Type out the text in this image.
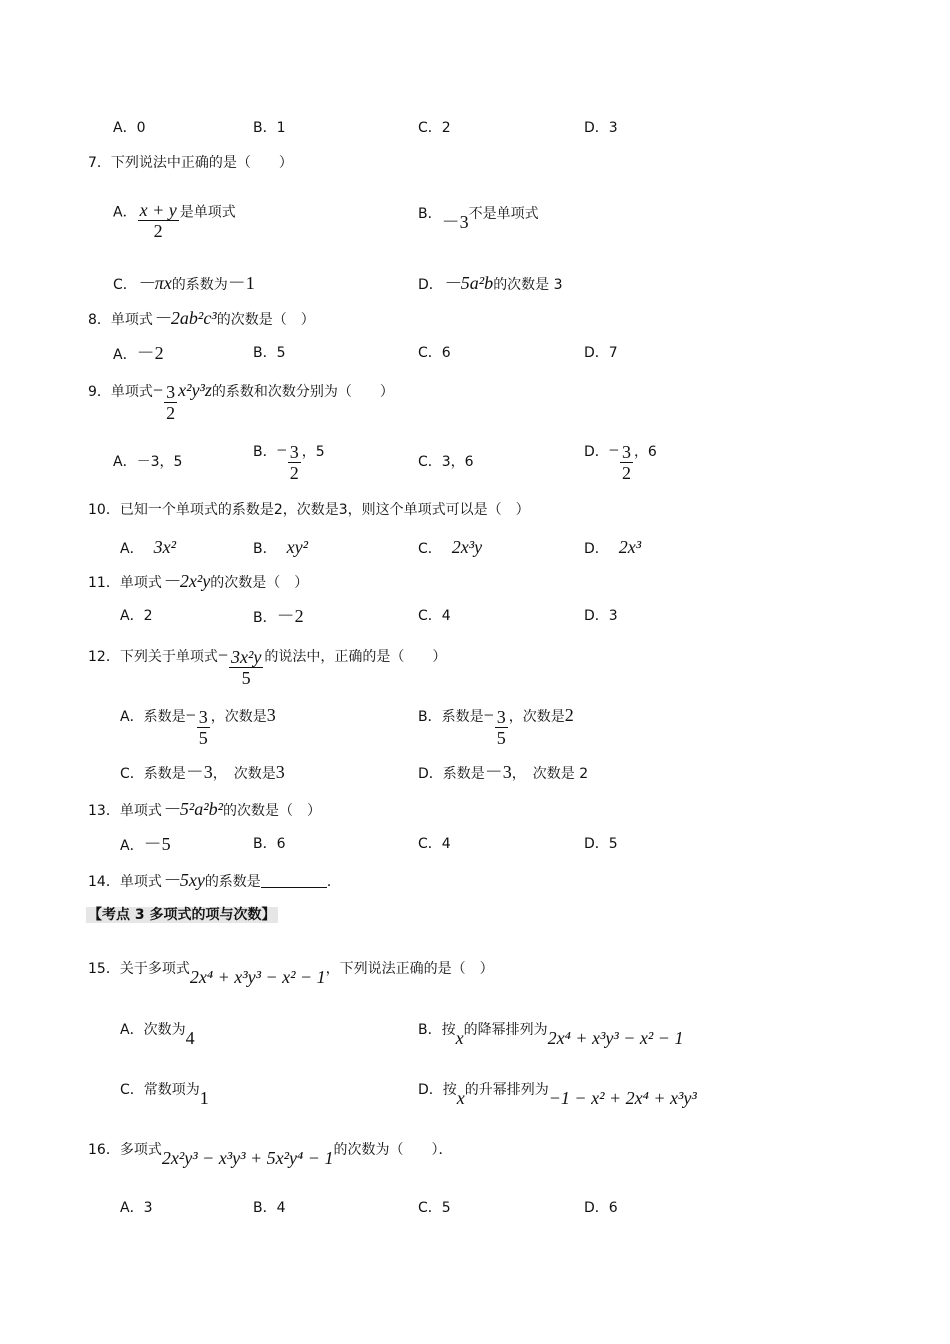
A．0	B．1	C．2	D．3
7．下列说法中正确的是（　　）
A． $\frac{x + y}{2}$ 是单项式	B．－3不是单项式
C．－πx的系数为－1	D．－5a²b的次数是 3
8．单项式－2ab²c³的次数是（　）
A．－2	B．5	C．6	D．7
9．单项式− $\frac{3}{2} x^2y^3z$的系数和次数分别为（　　）
A．－3，5
B．− $\frac{3}{2}$ ，5
C．3，6
D．− $\frac{3}{2}$ ，6
10．已知一个单项式的系数是2，次数是3，则这个单项式可以是（　）
A． 3x²	B． xy²	C． 2x³y	D． 2x³
11．单项式－2x²y的次数是（　）
A．2	B．－2	C．4	D．3
12．下列关于单项式− $\frac{\text{3x²y}}{5}$ 的说法中，正确的是（　　）
A．系数是− $\frac{3}{5}$ ，次数是3	B．系数是− $\frac{3}{5}$ ，次数是2
C．系数是－3，　次数是3	D．系数是－3，　次数是 2
13．单项式－5²a²b²的次数是（　）
A．－5	B．6	C．4	D．5
14．单项式－5xy的系数是	．
【考点 3 多项式的项与次数】
15．关于多项式2x⁴ + x³y³ − x² − 1，下列说法正确的是（　）
A．次数为4	B．按x的降幂排列为2x⁴ + x³y³ − x² − 1
C．常数项为1	D．按x的升幂排列为−1 − x² + 2x⁴ + x³y³
16．多项式2x²y³ − x³y³ + 5x²y⁴ − 1的次数为（　　）．
A．3	B．4	C．5	D．6
